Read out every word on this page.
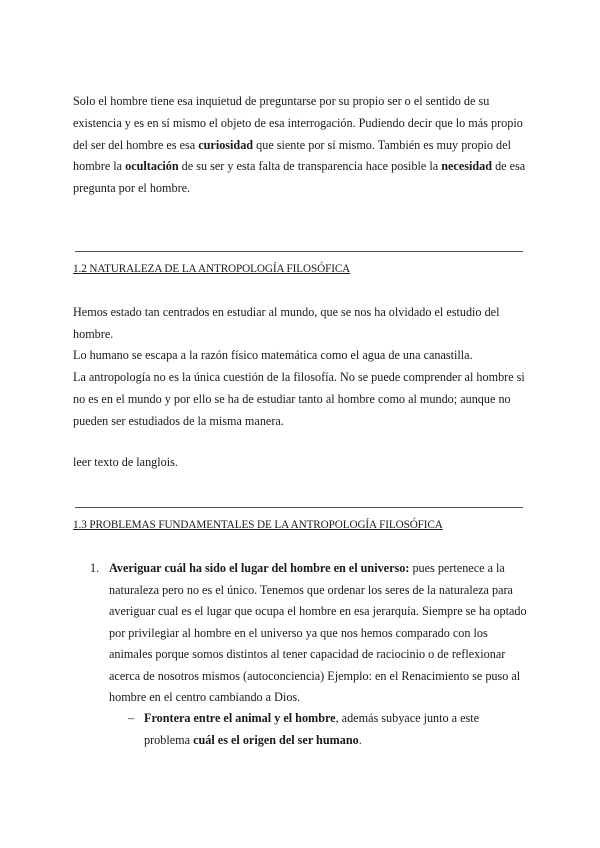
Solo el hombre tiene esa inquietud de preguntarse por su propio ser o el sentido de su existencia y es en sí mismo el objeto de esa interrogación. Pudiendo decir que lo más propio del ser del hombre es esa curiosidad que siente por sí mismo. También es muy propio del hombre la ocultación de su ser y esta falta de transparencia hace posible la necesidad de esa pregunta por el hombre.

1.2 NATURALEZA DE LA ANTROPOLOGÍA FILOSÓFICA

Hemos estado tan centrados en estudiar al mundo, que se nos ha olvidado el estudio del hombre.

Lo humano se escapa a la razón físico matemática como el agua de una canastilla.

La antropología no es la única cuestión de la filosofía. No se puede comprender al hombre si no es en el mundo y por ello se ha de estudiar tanto al hombre como al mundo; aunque no pueden ser estudiados de la misma manera.

leer texto de langlois.

1.3 PROBLEMAS FUNDAMENTALES DE LA ANTROPOLOGÍA FILOSÓFICA

1. Averiguar cuál ha sido el lugar del hombre en el universo: pues pertenece a la naturaleza pero no es el único. Tenemos que ordenar los seres de la naturaleza para averiguar cual es el lugar que ocupa el hombre en esa jerarquía. Siempre se ha optado por privilegiar al hombre en el universo ya que nos hemos comparado con los animales porque somos distintos al tener capacidad de raciocinio o de reflexionar acerca de nosotros mismos (autoconciencia) Ejemplo: en el Renacimiento se puso al hombre en el centro cambiando a Dios.

– Frontera entre el animal y el hombre, además subyace junto a este problema cuál es el origen del ser humano.
